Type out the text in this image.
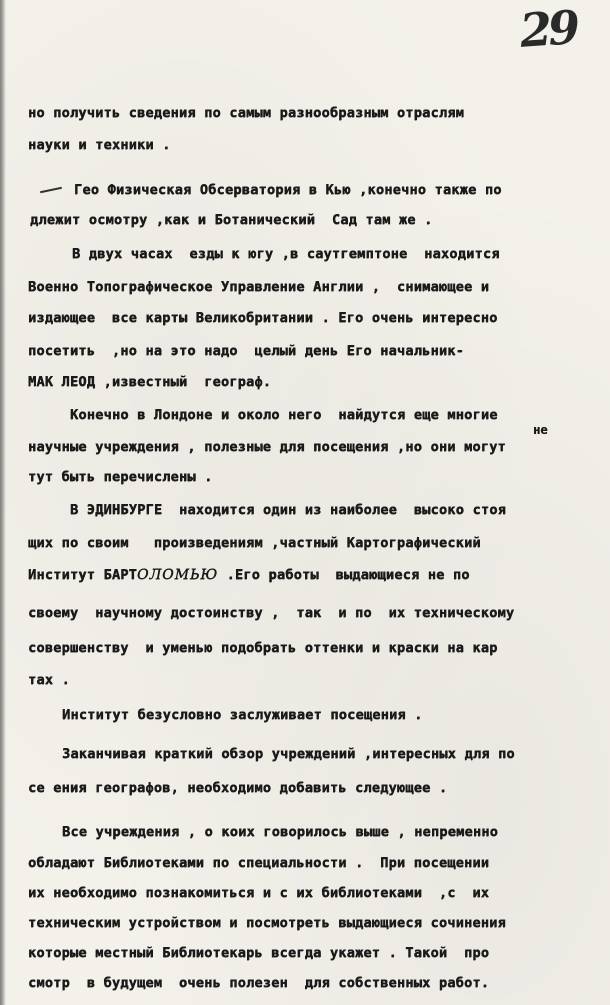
29

но получить сведения по самым разнообразным отраслям

науки и техники .

Гео Физическая Обсерватория в Кью ,конечно также по

длежит осмотру ,как и Ботанический  Сад там же .

В двух часах  езды к югу ,в саутгемптоне  находится

Военно Топографическое Управление Англии ,  снимающее и

издающее  все карты Великобритании . Его очень интересно

посетить  ,но на это надо  целый день Его начальник-

МАК ЛЕОД ,известный  географ.

Конечно в Лондоне и около него  найдутся еще многие

не

научные учреждения , полезные для посещения ,но они могут

тут быть перечислены .

В ЭДИНБУРГЕ  находится один из наиболее  высоко стоя

щих по своим   произведениям ,частный Картографический

Институт БАРТОЛОМЬЮ .Его работы  выдающиеся не по

своему  научному достоинству ,  так  и по  их техническому

совершенству  и уменью подобрать оттенки и краски на кар

тах .

Институт безусловно заслуживает посещения .

Заканчивая краткий обзор учреждений ,интересных для по

се ения географов, необходимо добавить следующее .

Все учреждения , о коих говорилось выше , непременно

обладают Библиотеками по специальности .  При посещении

их необходимо познакомиться и с их библиотеками  ,с  их

техническим устройством и посмотреть выдающиеся сочинения

которые местный Библиотекарь всегда укажет . Такой  про

смотр  в будущем  очень полезен  для собственных работ.
